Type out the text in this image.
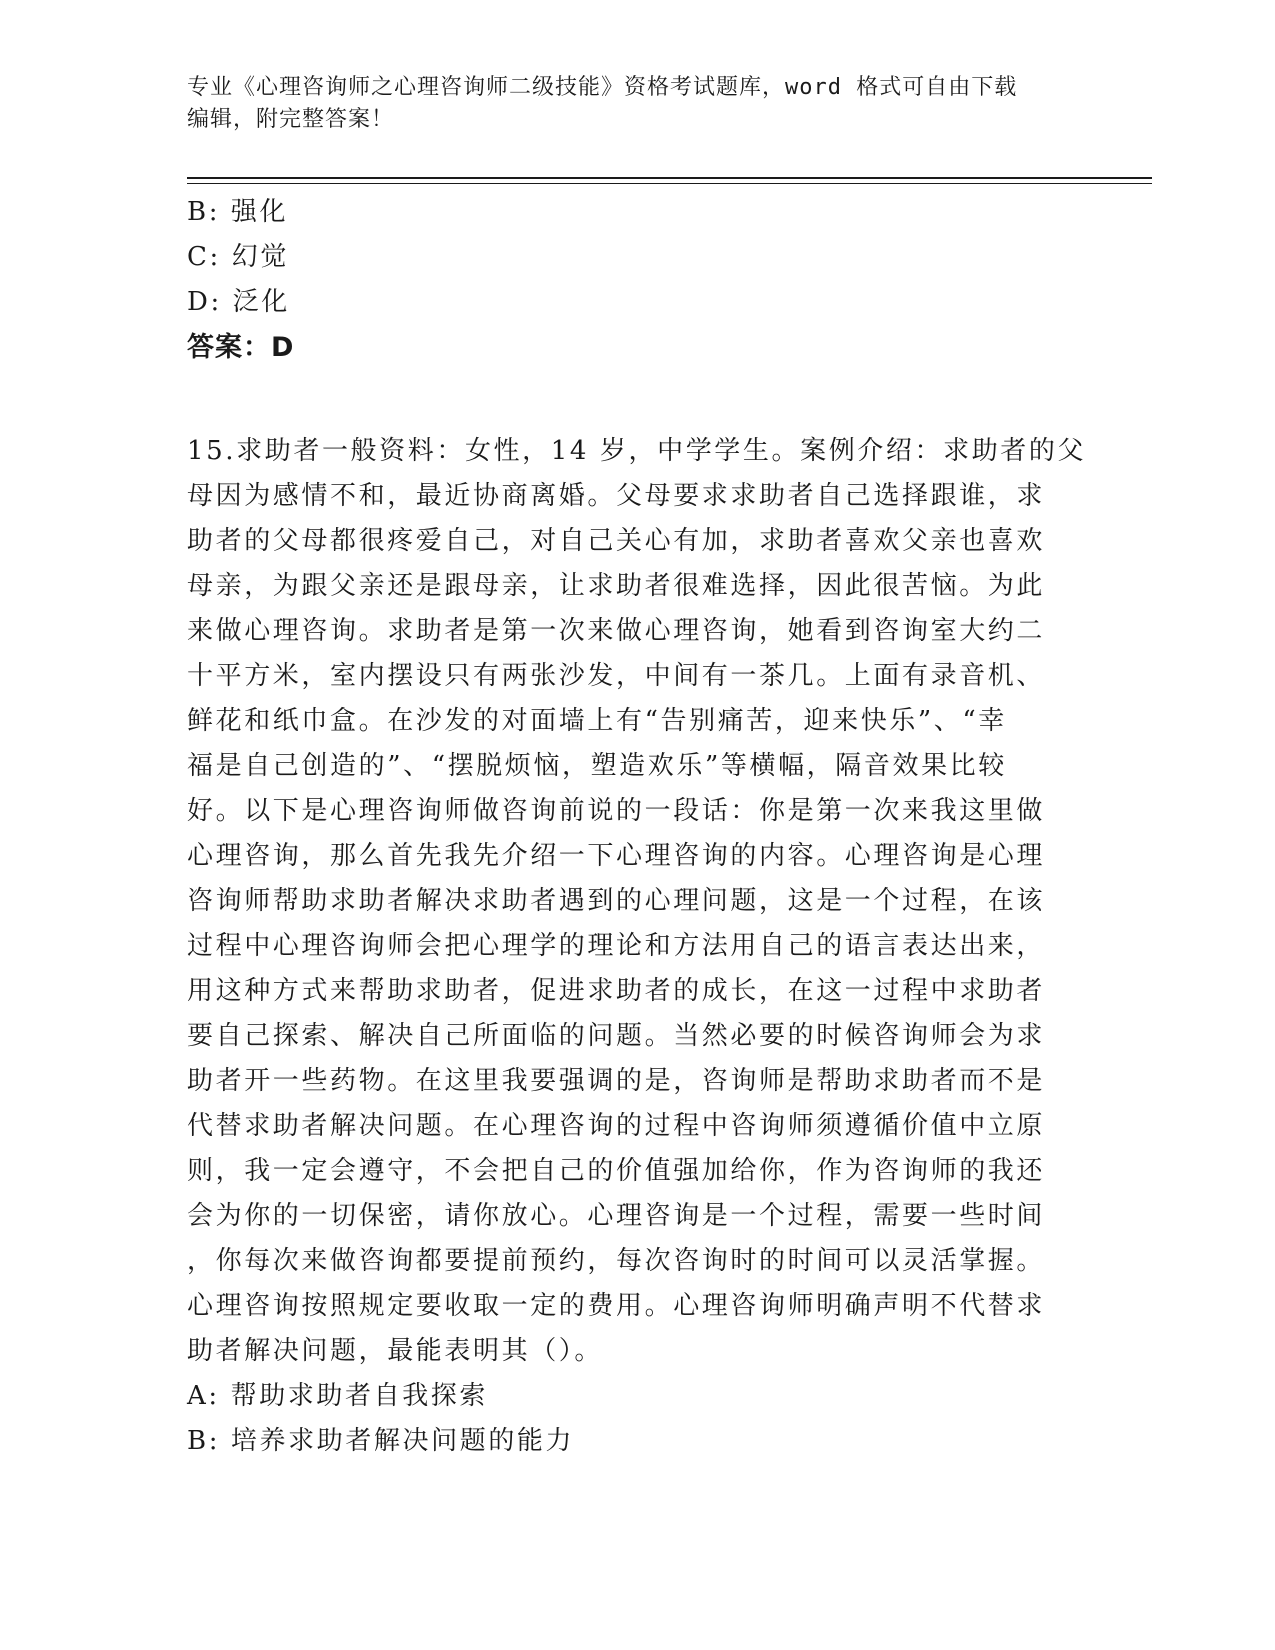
专业《心理咨询师之心理咨询师二级技能》资格考试题库，word 格式可自由下载
编辑，附完整答案！
B: 强化
C: 幻觉
D: 泛化
答案：D
15.求助者一般资料：女性，14 岁，中学学生。案例介绍：求助者的父
母因为感情不和，最近协商离婚。父母要求求助者自己选择跟谁，求
助者的父母都很疼爱自己，对自己关心有加，求助者喜欢父亲也喜欢
母亲，为跟父亲还是跟母亲，让求助者很难选择，因此很苦恼。为此
来做心理咨询。求助者是第一次来做心理咨询，她看到咨询室大约二
十平方米，室内摆设只有两张沙发，中间有一茶几。上面有录音机、
鲜花和纸巾盒。在沙发的对面墙上有“告别痛苦，迎来快乐”、“幸
福是自己创造的”、“摆脱烦恼，塑造欢乐”等横幅，隔音效果比较
好。以下是心理咨询师做咨询前说的一段话：你是第一次来我这里做
心理咨询，那么首先我先介绍一下心理咨询的内容。心理咨询是心理
咨询师帮助求助者解决求助者遇到的心理问题，这是一个过程，在该
过程中心理咨询师会把心理学的理论和方法用自己的语言表达出来，
用这种方式来帮助求助者，促进求助者的成长，在这一过程中求助者
要自己探索、解决自己所面临的问题。当然必要的时候咨询师会为求
助者开一些药物。在这里我要强调的是，咨询师是帮助求助者而不是
代替求助者解决问题。在心理咨询的过程中咨询师须遵循价值中立原
则，我一定会遵守，不会把自己的价值强加给你，作为咨询师的我还
会为你的一切保密，请你放心。心理咨询是一个过程，需要一些时间
，你每次来做咨询都要提前预约，每次咨询时的时间可以灵活掌握。
心理咨询按照规定要收取一定的费用。心理咨询师明确声明不代替求
助者解决问题，最能表明其（）。
A: 帮助求助者自我探索
B: 培养求助者解决问题的能力
